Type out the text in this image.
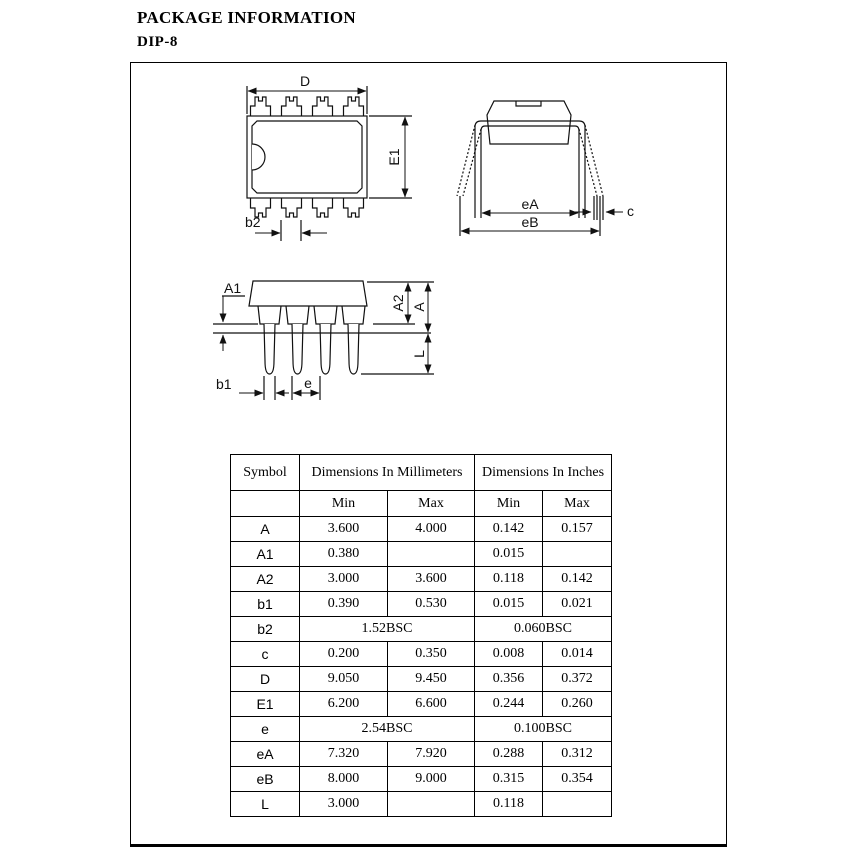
PACKAGE INFORMATION
DIP-8
D
E1
b2
eA
eB
c
A1
A2 A
L
b1	e
Symbol	Dimensions In Millimeters		Dimensions In Inches	
	Min	Max	Min	Max
A	3.600	4.000	0.142	0.157
A1	0.380		0.015	
A2	3.000	3.600	0.118	0.142
b1	0.390	0.530	0.015	0.021
b2	1.52BSC		0.060BSC	
c	0.200	0.350	0.008	0.014
D	9.050	9.450	0.356	0.372
E1	6.200	6.600	0.244	0.260
e	2.54BSC		0.100BSC	
eA	7.320	7.920	0.288	0.312
eB	8.000	9.000	0.315	0.354
L	3.000		0.118	
